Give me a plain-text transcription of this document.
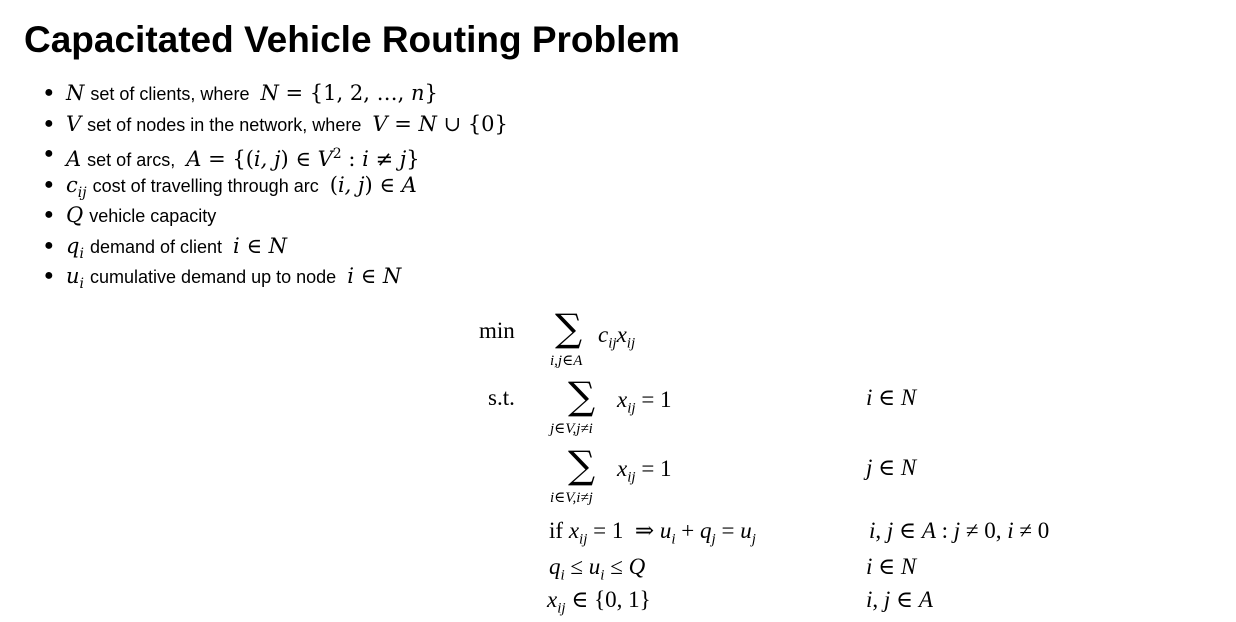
Capacitated Vehicle Routing Problem
● N set of clients, where N = {1, 2, …, n}
● V set of nodes in the network, where V = N ∪ {0}
● A set of arcs, A = {(i, j) ∈ $V^2$ : i ≠ j}
● $c_{ij}$ cost of travelling through arc (i, j) ∈ A
● Q vehicle capacity
● $q_i$ demand of client i ∈ N
● $u_i$ cumulative demand up to node i ∈ N
min ∑
i,j∈A
$c_{ij}x_{ij}$
s.t. ∑
j∈V,j≠i
$x_{ij} = 1$	i ∈ N
∑
i∈V,i≠j
$x_{ij} = 1$	j ∈ N
if $x_{ij} = 1$  ⇒ $u_i + q_j = u_j$	i, j ∈ A : j ≠ 0, i ≠ 0
$q_i \le u_i \le Q$	i ∈ N
$x_{ij}$ ∈ {0, 1}	i, j ∈ A
